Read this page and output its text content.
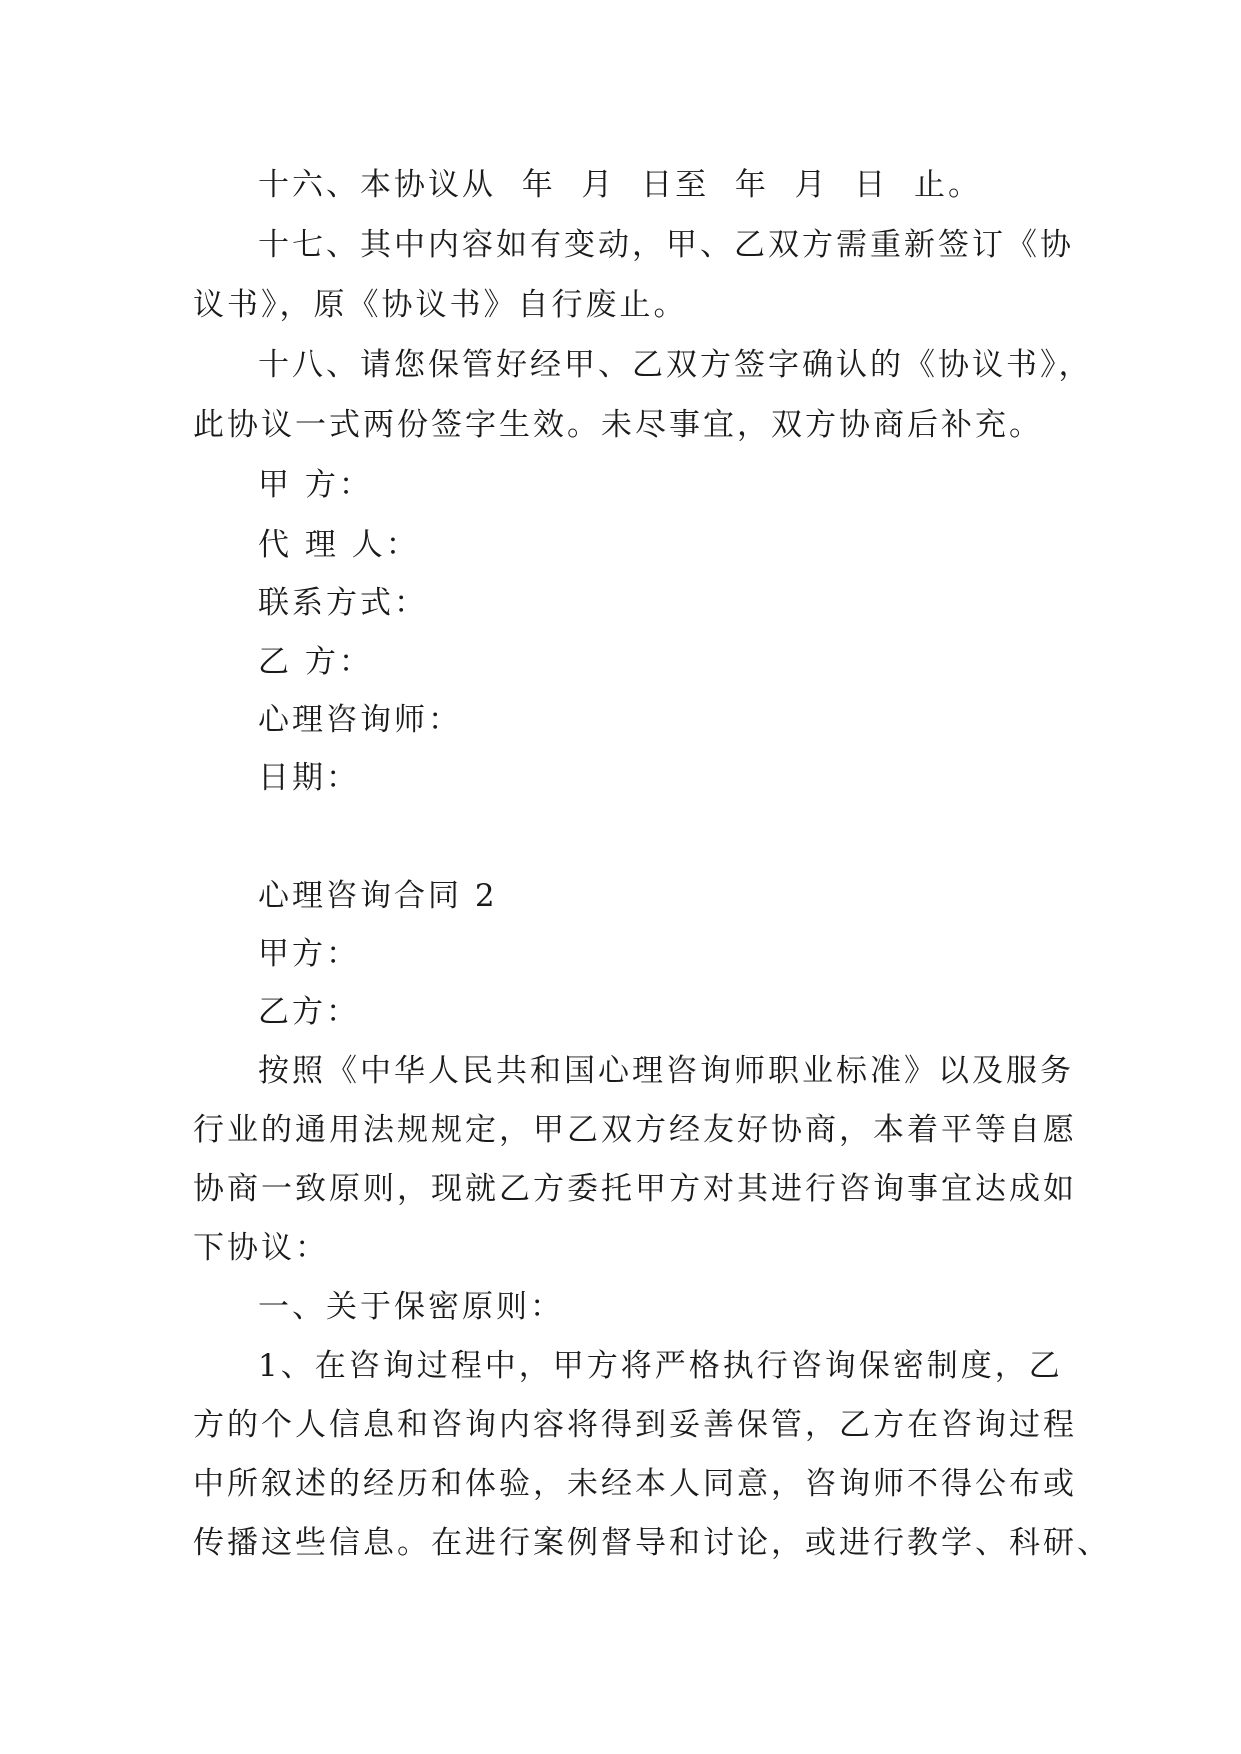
十六、本协议从  年  月  日至  年  月  日  止。
十七、其中内容如有变动，甲、乙双方需重新签订《协
议书》，原《协议书》自行废止。
十八、请您保管好经甲、乙双方签字确认的《协议书》，
此协议一式两份签字生效。未尽事宜，双方协商后补充。
甲 方：
代 理 人：
联系方式：
乙 方：
心理咨询师：
日期：
心理咨询合同 2
甲方：
乙方：
按照《中华人民共和国心理咨询师职业标准》以及服务
行业的通用法规规定，甲乙双方经友好协商，本着平等自愿
协商一致原则，现就乙方委托甲方对其进行咨询事宜达成如
下协议：
一、关于保密原则：
1、在咨询过程中，甲方将严格执行咨询保密制度，乙
方的个人信息和咨询内容将得到妥善保管，乙方在咨询过程
中所叙述的经历和体验，未经本人同意，咨询师不得公布或
传播这些信息。在进行案例督导和讨论，或进行教学、科研、
